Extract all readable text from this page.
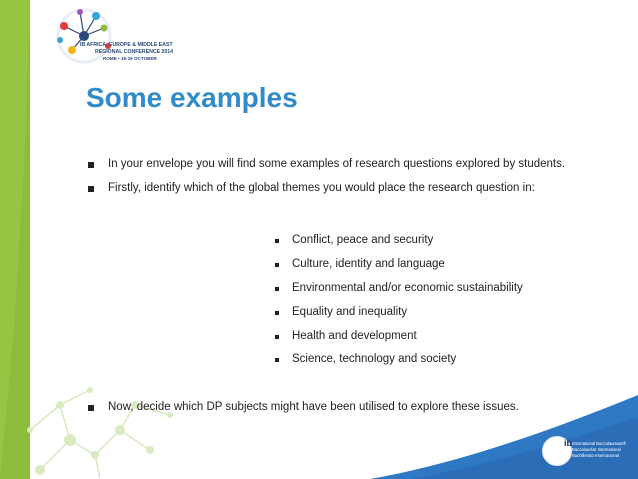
IB AFRICA, EUROPE & MIDDLE EAST
REGIONAL CONFERENCE 2014
ROME • 16-19 OCTOBER
Some examples
In your envelope you will find some examples of research questions explored by students.
Firstly, identify which of the global themes you would place the research question in:
Conflict, peace and security
Culture, identity and language
Environmental and/or economic sustainability
Equality and inequality
Health and development
Science, technology and society
Now, decide which DP subjects might have been utilised to explore these issues.
ib International Baccalaureate®
Baccalauréat International
Bachillerato Internacional
